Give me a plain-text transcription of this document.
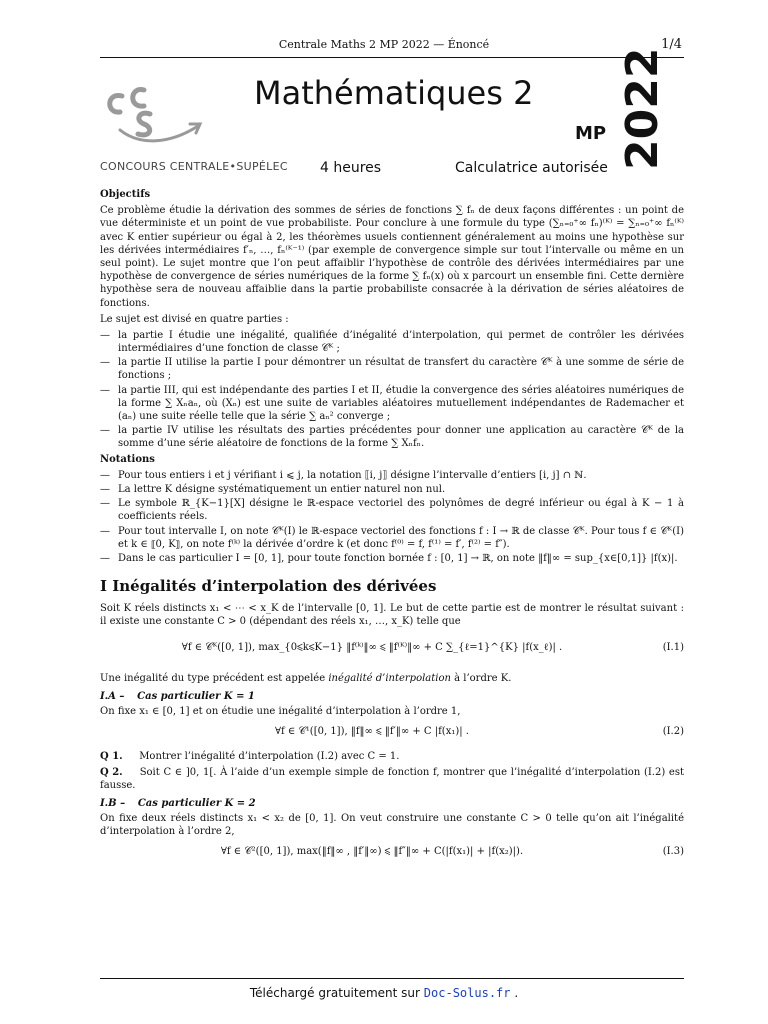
Centrale Maths 2 MP 2022 — Énoncé	1/4
CONCOURS CENTRALE•SUPÉLEC
Mathématiques 2
MP 2022
4 heures	Calculatrice autorisée

Objectifs

Ce problème étudie la dérivation des sommes de séries de fonctions ∑ fₙ de deux façons différentes : un point de vue déterministe et un point de vue probabiliste. Pour conclure à une formule du type (∑ₙ₌₀⁺∞ fₙ)⁽ᴷ⁾ = ∑ₙ₌₀⁺∞ fₙ⁽ᴷ⁾ avec K entier supérieur ou égal à 2, les théorèmes usuels contiennent généralement au moins une hypothèse sur les dérivées intermédiaires f′ₙ, …, fₙ⁽ᴷ⁻¹⁾ (par exemple de convergence simple sur tout l’intervalle ou même en un seul point). Le sujet montre que l’on peut affaiblir l’hypothèse de contrôle des dérivées intermédiaires par une hypothèse de convergence de séries numériques de la forme ∑ fₙ(x) où x parcourt un ensemble fini. Cette dernière hypothèse sera de nouveau affaiblie dans la partie probabiliste consacrée à la dérivation de séries aléatoires de fonctions.

Le sujet est divisé en quatre parties :

— la partie I étudie une inégalité, qualifiée d’inégalité d’interpolation, qui permet de contrôler les dérivées intermédiaires d’une fonction de classe 𝒞ᴷ ;
— la partie II utilise la partie I pour démontrer un résultat de transfert du caractère 𝒞ᴷ à une somme de série de fonctions ;
— la partie III, qui est indépendante des parties I et II, étudie la convergence des séries aléatoires numériques de la forme ∑ Xₙaₙ, où (Xₙ) est une suite de variables aléatoires mutuellement indépendantes de Rademacher et (aₙ) une suite réelle telle que la série ∑ aₙ² converge ;
— la partie IV utilise les résultats des parties précédentes pour donner une application au caractère 𝒞ᴷ de la somme d’une série aléatoire de fonctions de la forme ∑ Xₙfₙ.

Notations

— Pour tous entiers i et j vérifiant i ⩽ j, la notation ⟦i, j⟧ désigne l’intervalle d’entiers [i, j] ∩ ℕ.
— La lettre K désigne systématiquement un entier naturel non nul.
— Le symbole ℝ_{K−1}[X] désigne le ℝ-espace vectoriel des polynômes de degré inférieur ou égal à K − 1 à coefficients réels.
— Pour tout intervalle I, on note 𝒞ᴷ(I) le ℝ-espace vectoriel des fonctions f : I → ℝ de classe 𝒞ᴷ. Pour tous f ∈ 𝒞ᴷ(I) et k ∈ ⟦0, K⟧, on note f⁽ᵏ⁾ la dérivée d’ordre k (et donc f⁽⁰⁾ = f, f⁽¹⁾ = f′, f⁽²⁾ = f″).
— Dans le cas particulier I = [0, 1], pour toute fonction bornée f : [0, 1] → ℝ, on note ‖f‖∞ = sup_{x∈[0,1]} |f(x)|.
I Inégalités d’interpolation des dérivées

Soit K réels distincts x₁ < ⋯ < x_K de l’intervalle [0, 1]. Le but de cette partie est de montrer le résultat suivant : il existe une constante C > 0 (dépendant des réels x₁, …, x_K) telle que

∀f ∈ 𝒞ᴷ([0, 1]), max_{0⩽k⩽K−1} ‖f⁽ᵏ⁾‖∞ ⩽ ‖f⁽ᴷ⁾‖∞ + C ∑_{ℓ=1}^{K} |f(x_ℓ)| .	(I.1)

Une inégalité du type précédent est appelée inégalité d’interpolation à l’ordre K.

I.A – Cas particulier K = 1

On fixe x₁ ∈ [0, 1] et on étudie une inégalité d’interpolation à l’ordre 1,

∀f ∈ 𝒞¹([0, 1]), ‖f‖∞ ⩽ ‖f′‖∞ + C |f(x₁)| .	(I.2)

Q 1. Montrer l’inégalité d’interpolation (I.2) avec C = 1.

Q 2. Soit C ∈ ]0, 1[. À l’aide d’un exemple simple de fonction f, montrer que l’inégalité d’interpolation (I.2) est fausse.

I.B – Cas particulier K = 2

On fixe deux réels distincts x₁ < x₂ de [0, 1]. On veut construire une constante C > 0 telle qu’on ait l’inégalité d’interpolation à l’ordre 2,

∀f ∈ 𝒞²([0, 1]), max(‖f‖∞ , ‖f′‖∞) ⩽ ‖f″‖∞ + C(|f(x₁)| + |f(x₂)|).	(I.3)
Téléchargé gratuitement sur Doc-Solus.fr .
